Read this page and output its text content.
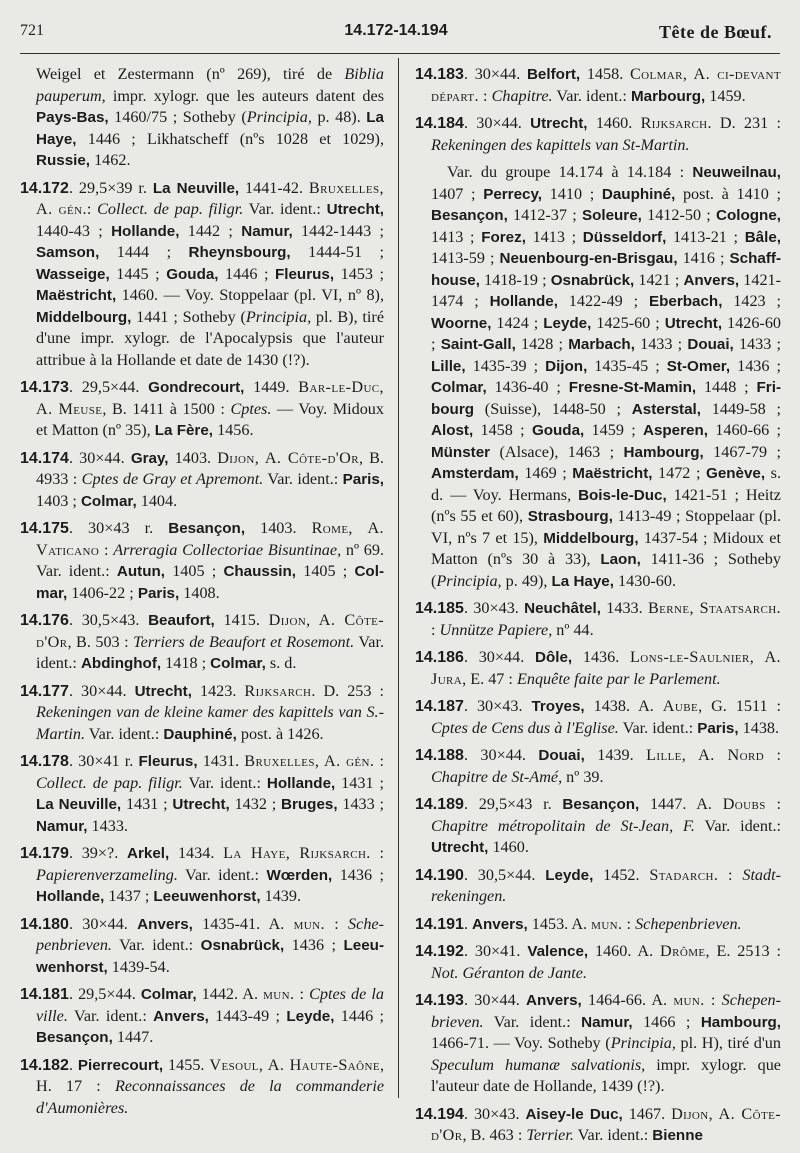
721	14.172-14.194	Tête de Bœuf.

Weigel et Zestermann (nº 269), tiré de Biblia pauperum, impr. xylogr. que les auteurs datent des Pays-Bas, 1460/75 ; Sotheby (Principia, p. 48). La Haye, 1446 ; Likhatscheff (nºs 1028 et 1029), Russie, 1462.

14.172. 29,5×39 r. La Neuville, 1441-42. Bruxelles, A. gén.: Collect. de pap. filigr. Var. ident.: Utrecht, 1440-43 ; Hollande, 1442 ; Namur, 1442-1443 ; Samson, 1444 ; Rheynsbourg, 1444-51 ; Wasseige, 1445 ; Gouda, 1446 ; Fleurus, 1453 ; Maëstricht, 1460. — Voy. Stoppelaar (pl. VI, nº 8), Middelbourg, 1441 ; Sotheby (Principia, pl. B), tiré d'une impr. xylogr. de l'Apocalypsis que l'auteur attribue à la Hollande et date de 1430 (!?).

14.173. 29,5×44. Gondrecourt, 1449. Bar-le-Duc, A. Meuse, B. 1411 à 1500 : Cptes. — Voy. Midoux et Matton (nº 35), La Fère, 1456.

14.174. 30×44. Gray, 1403. Dijon, A. Côte-d'Or, B. 4933 : Cptes de Gray et Apremont. Var. ident.: Paris, 1403 ; Colmar, 1404.

14.175. 30×43 r. Besançon, 1403. Rome, A. Vaticano : Arreragia Collectoriae Bisuntinae, nº 69. Var. ident.: Autun, 1405 ; Chaussin, 1405 ; Colmar, 1406-22 ; Paris, 1408.

14.176. 30,5×43. Beaufort, 1415. Dijon, A. Côte-d'Or, B. 503 : Terriers de Beaufort et Rosemont. Var. ident.: Abdinghof, 1418 ; Colmar, s. d.

14.177. 30×44. Utrecht, 1423. Rijksarch. D. 253 : Rekeningen van de kleine kamer des kapittels van S.-Martin. Var. ident.: Dauphiné, post. à 1426.

14.178. 30×41 r. Fleurus, 1431. Bruxelles, A. gén. : Collect. de pap. filigr. Var. ident.: Hollande, 1431 ; La Neuville, 1431 ; Utrecht, 1432 ; Bruges, 1433 ; Namur, 1433.

14.179. 39×?. Arkel, 1434. La Haye, Rijksarch. : Papierenverzameling. Var. ident.: Wœrden, 1436 ; Hollande, 1437 ; Leeuwenhorst, 1439.

14.180. 30×44. Anvers, 1435-41. A. mun. : Schepenbrieven. Var. ident.: Osnabrück, 1436 ; Leeuwenhorst, 1439-54.

14.181. 29,5×44. Colmar, 1442. A. mun. : Cptes de la ville. Var. ident.: Anvers, 1443-49 ; Leyde, 1446 ; Besançon, 1447.

14.182. Pierrecourt, 1455. Vesoul, A. Haute-Saône, H. 17 : Reconnaissances de la commanderie d'Aumonières.

14.183. 30×44. Belfort, 1458. Colmar, A. ci-devant départ. : Chapitre. Var. ident.: Marbourg, 1459.

14.184. 30×44. Utrecht, 1460. Rijksarch. D. 231 : Rekeningen des kapittels van St-Martin.

Var. du groupe 14.174 à 14.184 : Neuweilnau, 1407 ; Perrecy, 1410 ; Dauphiné, post. à 1410 ; Besançon, 1412-37 ; Soleure, 1412-50 ; Cologne, 1413 ; Forez, 1413 ; Düsseldorf, 1413-21 ; Bâle, 1413-59 ; Neuenbourg-en-Brisgau, 1416 ; Schaffhouse, 1418-19 ; Osnabrück, 1421 ; Anvers, 1421-1474 ; Hollande, 1422-49 ; Eberbach, 1423 ; Woorne, 1424 ; Leyde, 1425-60 ; Utrecht, 1426-60 ; Saint-Gall, 1428 ; Marbach, 1433 ; Douai, 1433 ; Lille, 1435-39 ; Dijon, 1435-45 ; St-Omer, 1436 ; Colmar, 1436-40 ; Fresne-St-Mamin, 1448 ; Fribourg (Suisse), 1448-50 ; Asterstal, 1449-58 ; Alost, 1458 ; Gouda, 1459 ; Asperen, 1460-66 ; Münster (Alsace), 1463 ; Hambourg, 1467-79 ; Amsterdam, 1469 ; Maëstricht, 1472 ; Genève, s. d. — Voy. Hermans, Bois-le-Duc, 1421-51 ; Heitz (nºs 55 et 60), Strasbourg, 1413-49 ; Stoppelaar (pl. VI, nºs 7 et 15), Middelbourg, 1437-54 ; Midoux et Matton (nºs 30 à 33), Laon, 1411-36 ; Sotheby (Principia, p. 49), La Haye, 1430-60.

14.185. 30×43. Neuchâtel, 1433. Berne, Staatsarch. : Unnütze Papiere, nº 44.

14.186. 30×44. Dôle, 1436. Lons-le-Saulnier, A. Jura, E. 47 : Enquête faite par le Parlement.

14.187. 30×43. Troyes, 1438. A. Aube, G. 1511 : Cptes de Cens dus à l'Eglise. Var. ident.: Paris, 1438.

14.188. 30×44. Douai, 1439. Lille, A. Nord : Chapitre de St-Amé, nº 39.

14.189. 29,5×43 r. Besançon, 1447. A. Doubs : Chapitre métropolitain de St-Jean, F. Var. ident.: Utrecht, 1460.

14.190. 30,5×44. Leyde, 1452. Stadarch. : Stadtrekeningen.

14.191. Anvers, 1453. A. mun. : Schepenbrieven.

14.192. 30×41. Valence, 1460. A. Drôme, E. 2513 : Not. Géranton de Jante.

14.193. 30×44. Anvers, 1464-66. A. mun. : Schepenbrieven. Var. ident.: Namur, 1466 ; Hambourg, 1466-71. — Voy. Sotheby (Principia, pl. H), tiré d'un Speculum humanæ salvationis, impr. xylogr. que l'auteur date de Hollande, 1439 (!?).

14.194. 30×43. Aisey-le Duc, 1467. Dijon, A. Côte-d'Or, B. 463 : Terrier. Var. ident.: Bienne
